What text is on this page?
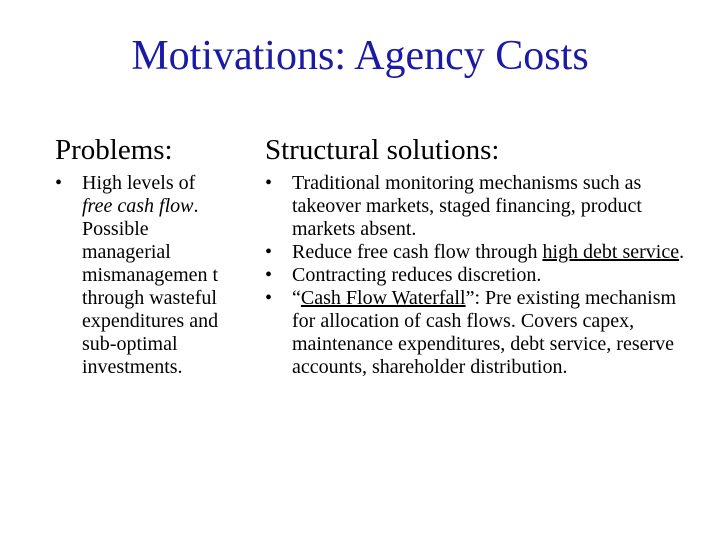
Motivations: Agency Costs
Problems:	Structural solutions:
• High levels of free cash flow. Possible managerial mismanagemen t through wasteful expenditures and sub-optimal investments.
• Traditional monitoring mechanisms such as takeover markets, staged financing, product markets absent.
• Reduce free cash flow through high debt service.
• Contracting reduces discretion.
• “Cash Flow Waterfall”: Pre existing mechanism for allocation of cash flows. Covers capex, maintenance expenditures, debt service, reserve accounts, shareholder distribution.
